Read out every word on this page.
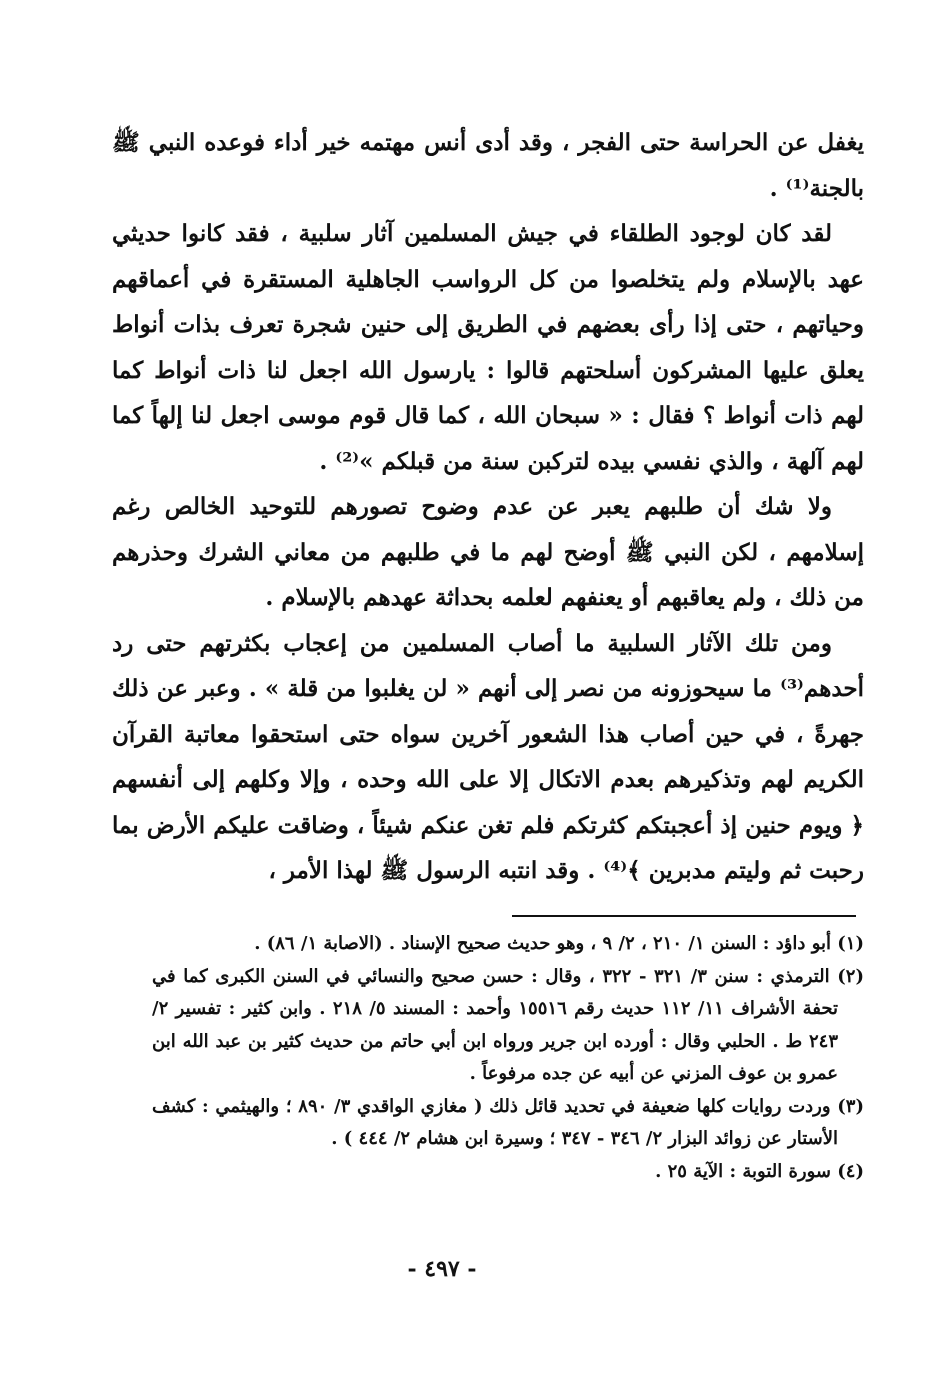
يغفل عن الحراسة حتى الفجر ، وقد أدى أنس مهتمه خير أداء فوعده النبي ﷺ بالجنة⁽¹⁾ .

لقد كان لوجود الطلقاء في جيش المسلمين آثار سلبية ، فقد كانوا حديثي عهد بالإسلام ولم يتخلصوا من كل الرواسب الجاهلية المستقرة في أعماقهم وحياتهم ، حتى إذا رأى بعضهم في الطريق إلى حنين شجرة تعرف بذات أنواط يعلق عليها المشركون أسلحتهم قالوا : يارسول الله اجعل لنا ذات أنواط كما لهم ذات أنواط ؟ فقال : « سبحان الله ، كما قال قوم موسى اجعل لنا إلهاً كما لهم آلهة ، والذي نفسي بيده لتركبن سنة من قبلكم »⁽²⁾ .

ولا شك أن طلبهم يعبر عن عدم وضوح تصورهم للتوحيد الخالص رغم إسلامهم ، لكن النبي ﷺ أوضح لهم ما في طلبهم من معاني الشرك وحذرهم من ذلك ، ولم يعاقبهم أو يعنفهم لعلمه بحداثة عهدهم بالإسلام .

ومن تلك الآثار السلبية ما أصاب المسلمين من إعجاب بكثرتهم حتى رد أحدهم⁽³⁾ ما سيحوزونه من نصر إلى أنهم « لن يغلبوا من قلة » . وعبر عن ذلك جهرةً ، في حين أصاب هذا الشعور آخرين سواه حتى استحقوا معاتبة القرآن الكريم لهم وتذكيرهم بعدم الاتكال إلا على الله وحده ، وإلا وكلهم إلى أنفسهم ﴿ ويوم حنين إذ أعجبتكم كثرتكم فلم تغن عنكم شيئاً ، وضاقت عليكم الأرض بما رحبت ثم وليتم مدبرين ﴾⁽⁴⁾ . وقد انتبه الرسول ﷺ لهذا الأمر ،

(١) أبو داؤد : السنن ١/ ٢١٠ ، ٢/ ٩ ، وهو حديث صحيح الإسناد . (الاصابة ١/ ٨٦) .

(٢) الترمذي : سنن ٣/ ٣٢١ - ٣٢٢ ، وقال : حسن صحيح والنسائي في السنن الكبرى كما في تحفة الأشراف ١١/ ١١٢ حديث رقم ١٥٥١٦ وأحمد : المسند ٥/ ٢١٨ . وابن كثير : تفسير ٢/ ٢٤٣ ط . الحلبي وقال : أورده ابن جرير ورواه ابن أبي حاتم من حديث كثير بن عبد الله ابن عمرو بن عوف المزني عن أبيه عن جده مرفوعاً .

(٣) وردت روايات كلها ضعيفة في تحديد قائل ذلك ( مغازي الواقدي ٣/ ٨٩٠ ؛ والهيثمي : كشف الأستار عن زوائد البزار ٢/ ٣٤٦ - ٣٤٧ ؛ وسيرة ابن هشام ٢/ ٤٤٤ ) .

(٤) سورة التوبة : الآية ٢٥ .

- ٤٩٧ -
